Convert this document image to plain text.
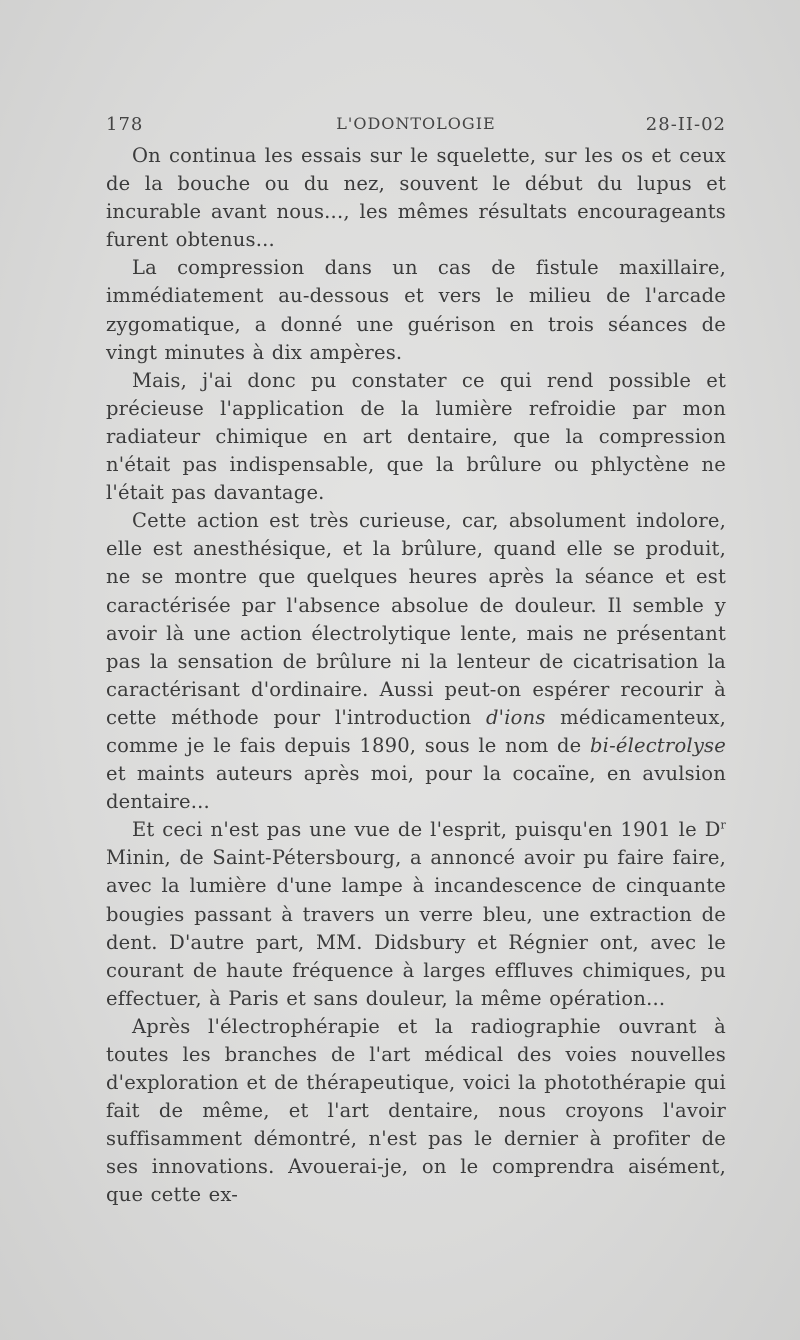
178	L'ODONTOLOGIE	28-II-02

On continua les essais sur le squelette, sur les os et ceux de la bouche ou du nez, souvent le début du lupus et incurable avant nous..., les mêmes résultats encourageants furent obtenus...

La compression dans un cas de fistule maxillaire, immédiatement au-dessous et vers le milieu de l'arcade zygomatique, a donné une guérison en trois séances de vingt minutes à dix ampères.

Mais, j'ai donc pu constater ce qui rend possible et précieuse l'application de la lumière refroidie par mon radiateur chimique en art dentaire, que la compression n'était pas indispensable, que la brûlure ou phlyctène ne l'était pas davantage.

Cette action est très curieuse, car, absolument indolore, elle est anesthésique, et la brûlure, quand elle se produit, ne se montre que quelques heures après la séance et est caractérisée par l'absence absolue de douleur. Il semble y avoir là une action électrolytique lente, mais ne présentant pas la sensation de brûlure ni la lenteur de cicatrisation la caractérisant d'ordinaire. Aussi peut-on espérer recourir à cette méthode pour l'introduction d'ions médicamenteux, comme je le fais depuis 1890, sous le nom de bi-électrolyse et maints auteurs après moi, pour la cocaïne, en avulsion dentaire...

Et ceci n'est pas une vue de l'esprit, puisqu'en 1901 le $D^r$ Minin, de Saint-Pétersbourg, a annoncé avoir pu faire faire, avec la lumière d'une lampe à incandescence de cinquante bougies passant à travers un verre bleu, une extraction de dent. D'autre part, MM. Didsbury et Régnier ont, avec le courant de haute fréquence à larges effluves chimiques, pu effectuer, à Paris et sans douleur, la même opération...

Après l'électrophérapie et la radiographie ouvrant à toutes les branches de l'art médical des voies nouvelles d'exploration et de thérapeutique, voici la photothérapie qui fait de même, et l'art dentaire, nous croyons l'avoir suffisamment démontré, n'est pas le dernier à profiter de ses innovations. Avouerai-je, on le comprendra aisément, que cette ex-
